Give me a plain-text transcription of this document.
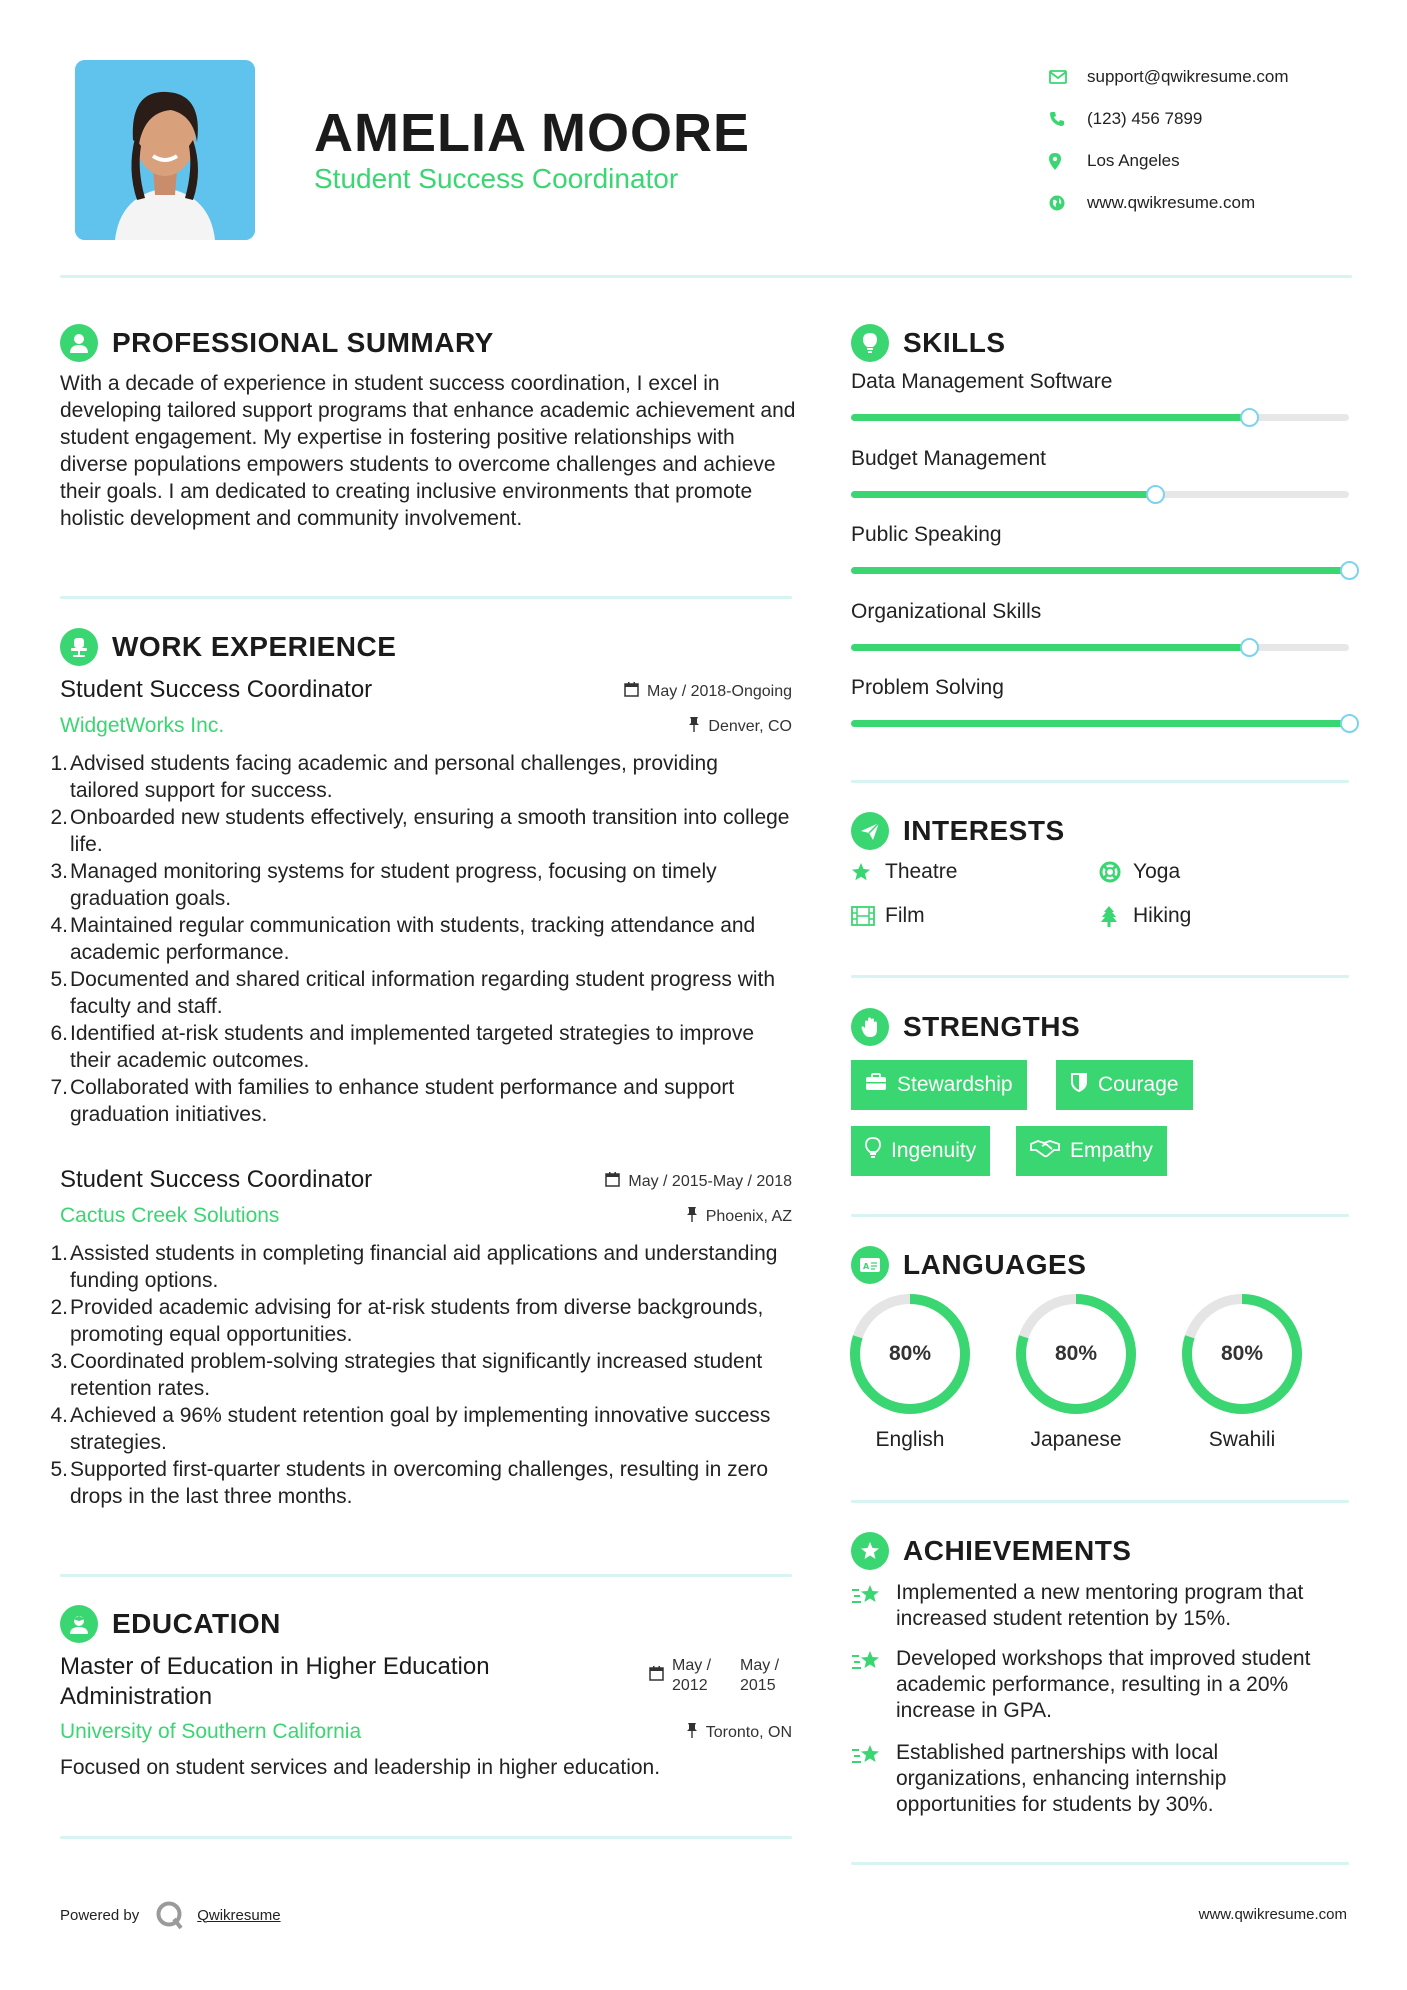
AMELIA MOORE
Student Success Coordinator
support@qwikresume.com
(123) 456 7899
Los Angeles
www.qwikresume.com
PROFESSIONAL SUMMARY

With a decade of experience in student success coordination, I excel in developing tailored support programs that enhance academic achievement and student engagement. My expertise in fostering positive relationships with diverse populations empowers students to overcome challenges and achieve their goals. I am dedicated to creating inclusive environments that promote holistic development and community involvement.

WORK EXPERIENCE
Student Success Coordinator	May / 2018-Ongoing
WidgetWorks Inc.	Denver, CO
1. Advised students facing academic and personal challenges, providing tailored support for success.
2. Onboarded new students effectively, ensuring a smooth transition into college life.
3. Managed monitoring systems for student progress, focusing on timely graduation goals.
4. Maintained regular communication with students, tracking attendance and academic performance.
5. Documented and shared critical information regarding student progress with faculty and staff.
6. Identified at-risk students and implemented targeted strategies to improve their academic outcomes.
7. Collaborated with families to enhance student performance and support graduation initiatives.
Student Success Coordinator	May / 2015-May / 2018
Cactus Creek Solutions	Phoenix, AZ
1. Assisted students in completing financial aid applications and understanding funding options.
2. Provided academic advising for at-risk students from diverse backgrounds, promoting equal opportunities.
3. Coordinated problem-solving strategies that significantly increased student retention rates.
4. Achieved a 96% student retention goal by implementing innovative success strategies.
5. Supported first-quarter students in overcoming challenges, resulting in zero drops in the last three months.
EDUCATION
Master of Education in Higher Education Administration
May / 2012
May / 2015
University of Southern California	Toronto, ON

Focused on student services and leadership in higher education.

SKILLS
Data Management Software
Budget Management
Public Speaking
Organizational Skills
Problem Solving
INTERESTS
Theatre	Yoga
Film	Hiking
STRENGTHS
Stewardship	Courage
Ingenuity	Empathy
A LANGUAGES
80%
English
80%
Japanese
80%
Swahili
ACHIEVEMENTS
Implemented a new mentoring program that increased student retention by 15%.
Developed workshops that improved student academic performance, resulting in a 20% increase in GPA.
Established partnerships with local organizations, enhancing internship opportunities for students by 30%.
Powered by	Qwikresume	www.qwikresume.com
